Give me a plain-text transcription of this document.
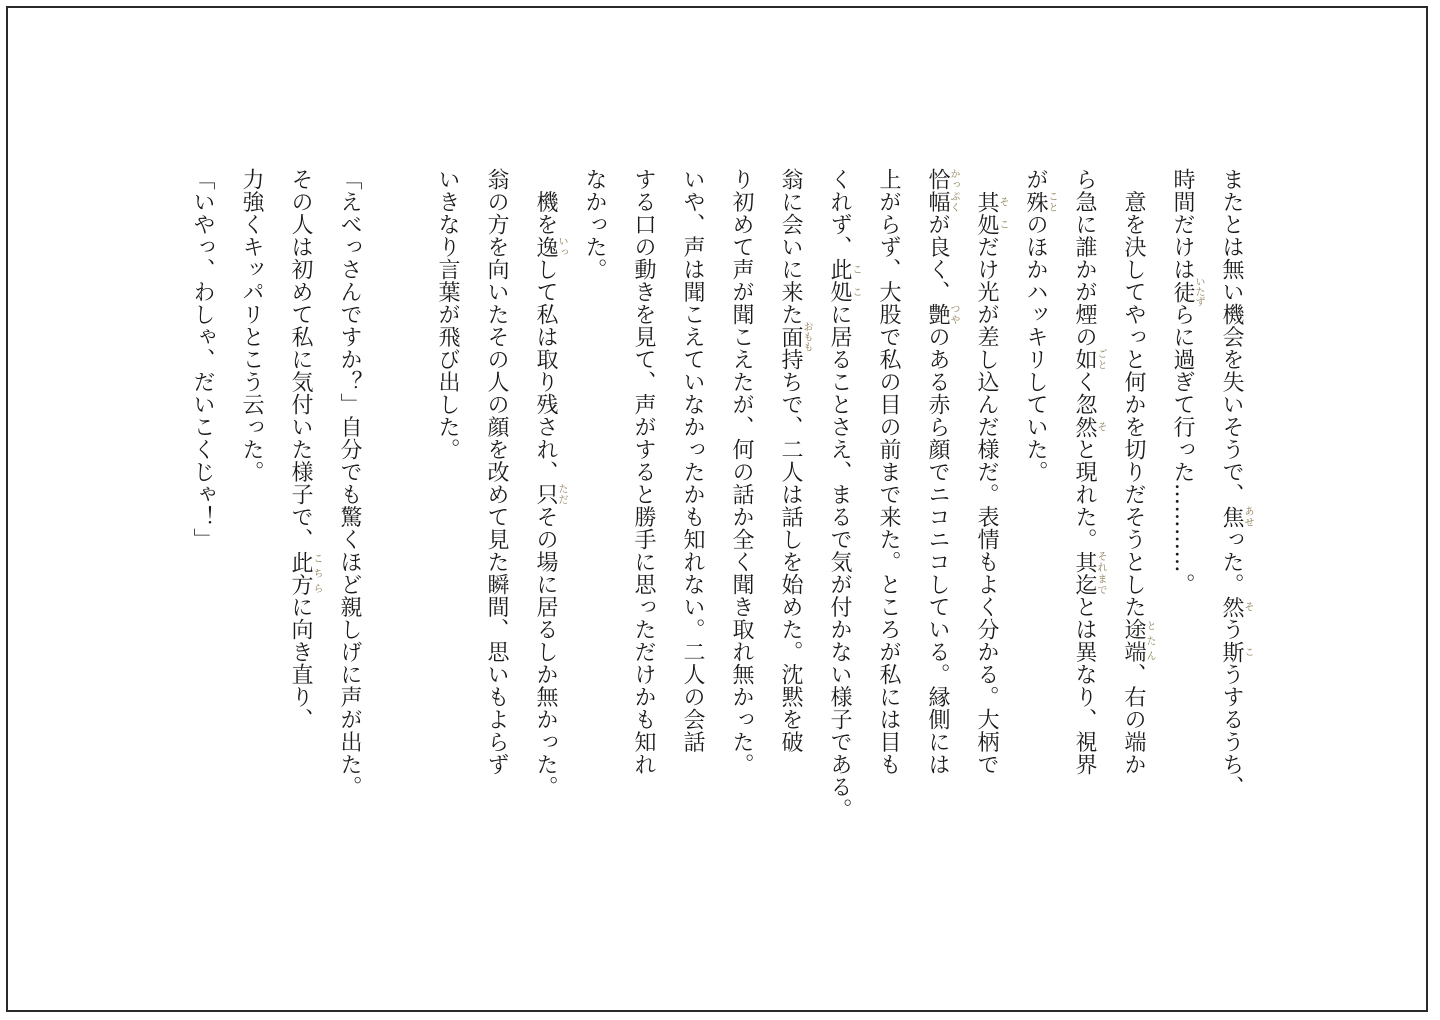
またとは無い機会を失いそうで、焦あせっ​た。然そう斯こうするうち、
時間だけは徒いたずらに過ぎて行った…………。

　意を決してやっと何かを切りだそうとした途端とたん、右の端か
ら急に誰かが煙の如ごとく忽然そと現れた。其迄それまでとは異なり、視界
が殊ことのほかハッキリしていた。

　其処そこだけ光が差し込んだ様だ。表情もよく分かる。大柄で
恰幅かっぷくが良く、艶つやのある赤ら顔でニコニコしている。縁側には
上がらず、大股で私の目の前まで来た。ところが私には目も
くれず、此処ここに居ることさえ、まるで気が付かない様子である。
翁に会いに来た面おもも持ちで、二人は話しを始めた。沈黙を破
り初めて声が聞こえたが、何の話か全く聞き取れ無かった。
いや、声は聞こえていなかったかも知れない。二人の会話
する口の動きを見て、声がすると勝手に思っただけかも知れ
なかった。

　機を逸いっして私は取り残され、只ただその場に居るしか無かった。
翁の方を向いたその人の顔を改めて見た瞬間、思いもよらず
いきなり言葉が飛び出した。

「えべっさんですか？」自分でも驚くほど親しげに声が出た。
その人は初めて私に気付いた様子で、此方こちらに向き直り、
力強くキッパリとこう云った。
「いやっ、わしゃ、だいこくじゃ！」
